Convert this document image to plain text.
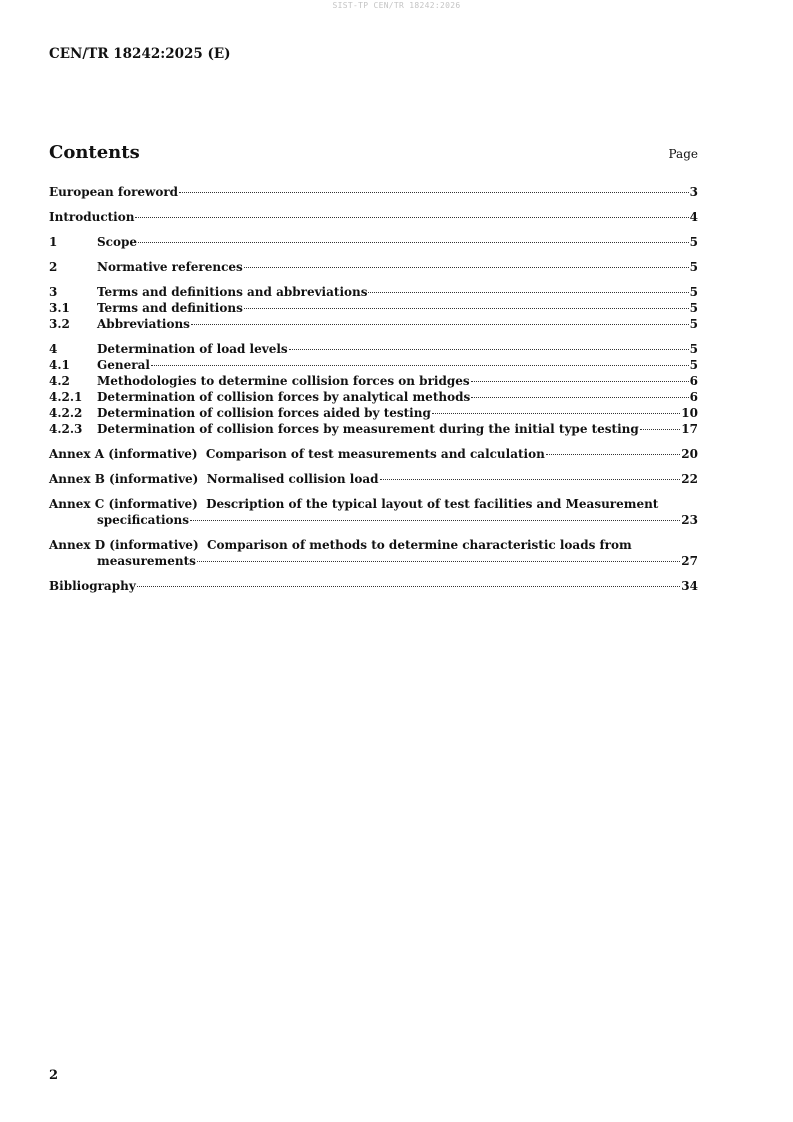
SIST-TP CEN/TR 18242:2026
CEN/TR 18242:2025 (E)
Contents	Page
European foreword	3
Introduction	4
1	Scope	5
2	Normative references	5
3	Terms and definitions and abbreviations	5
3.1	Terms and definitions	5
3.2	Abbreviations	5
4	Determination of load levels	5
4.1	General	5
4.2	Methodologies to determine collision forces on bridges	6
4.2.1	Determination of collision forces by analytical methods	6
4.2.2	Determination of collision forces aided by testing	10
4.2.3	Determination of collision forces by measurement during the initial type testing	17
Annex A (informative)  Comparison of test measurements and calculation	20
Annex B (informative)  Normalised collision load	22
Annex C (informative)  Description of the typical layout of test facilities and Measurement
specifications	23
Annex D (informative)  Comparison of methods to determine characteristic loads from
measurements	27
Bibliography	34
2
